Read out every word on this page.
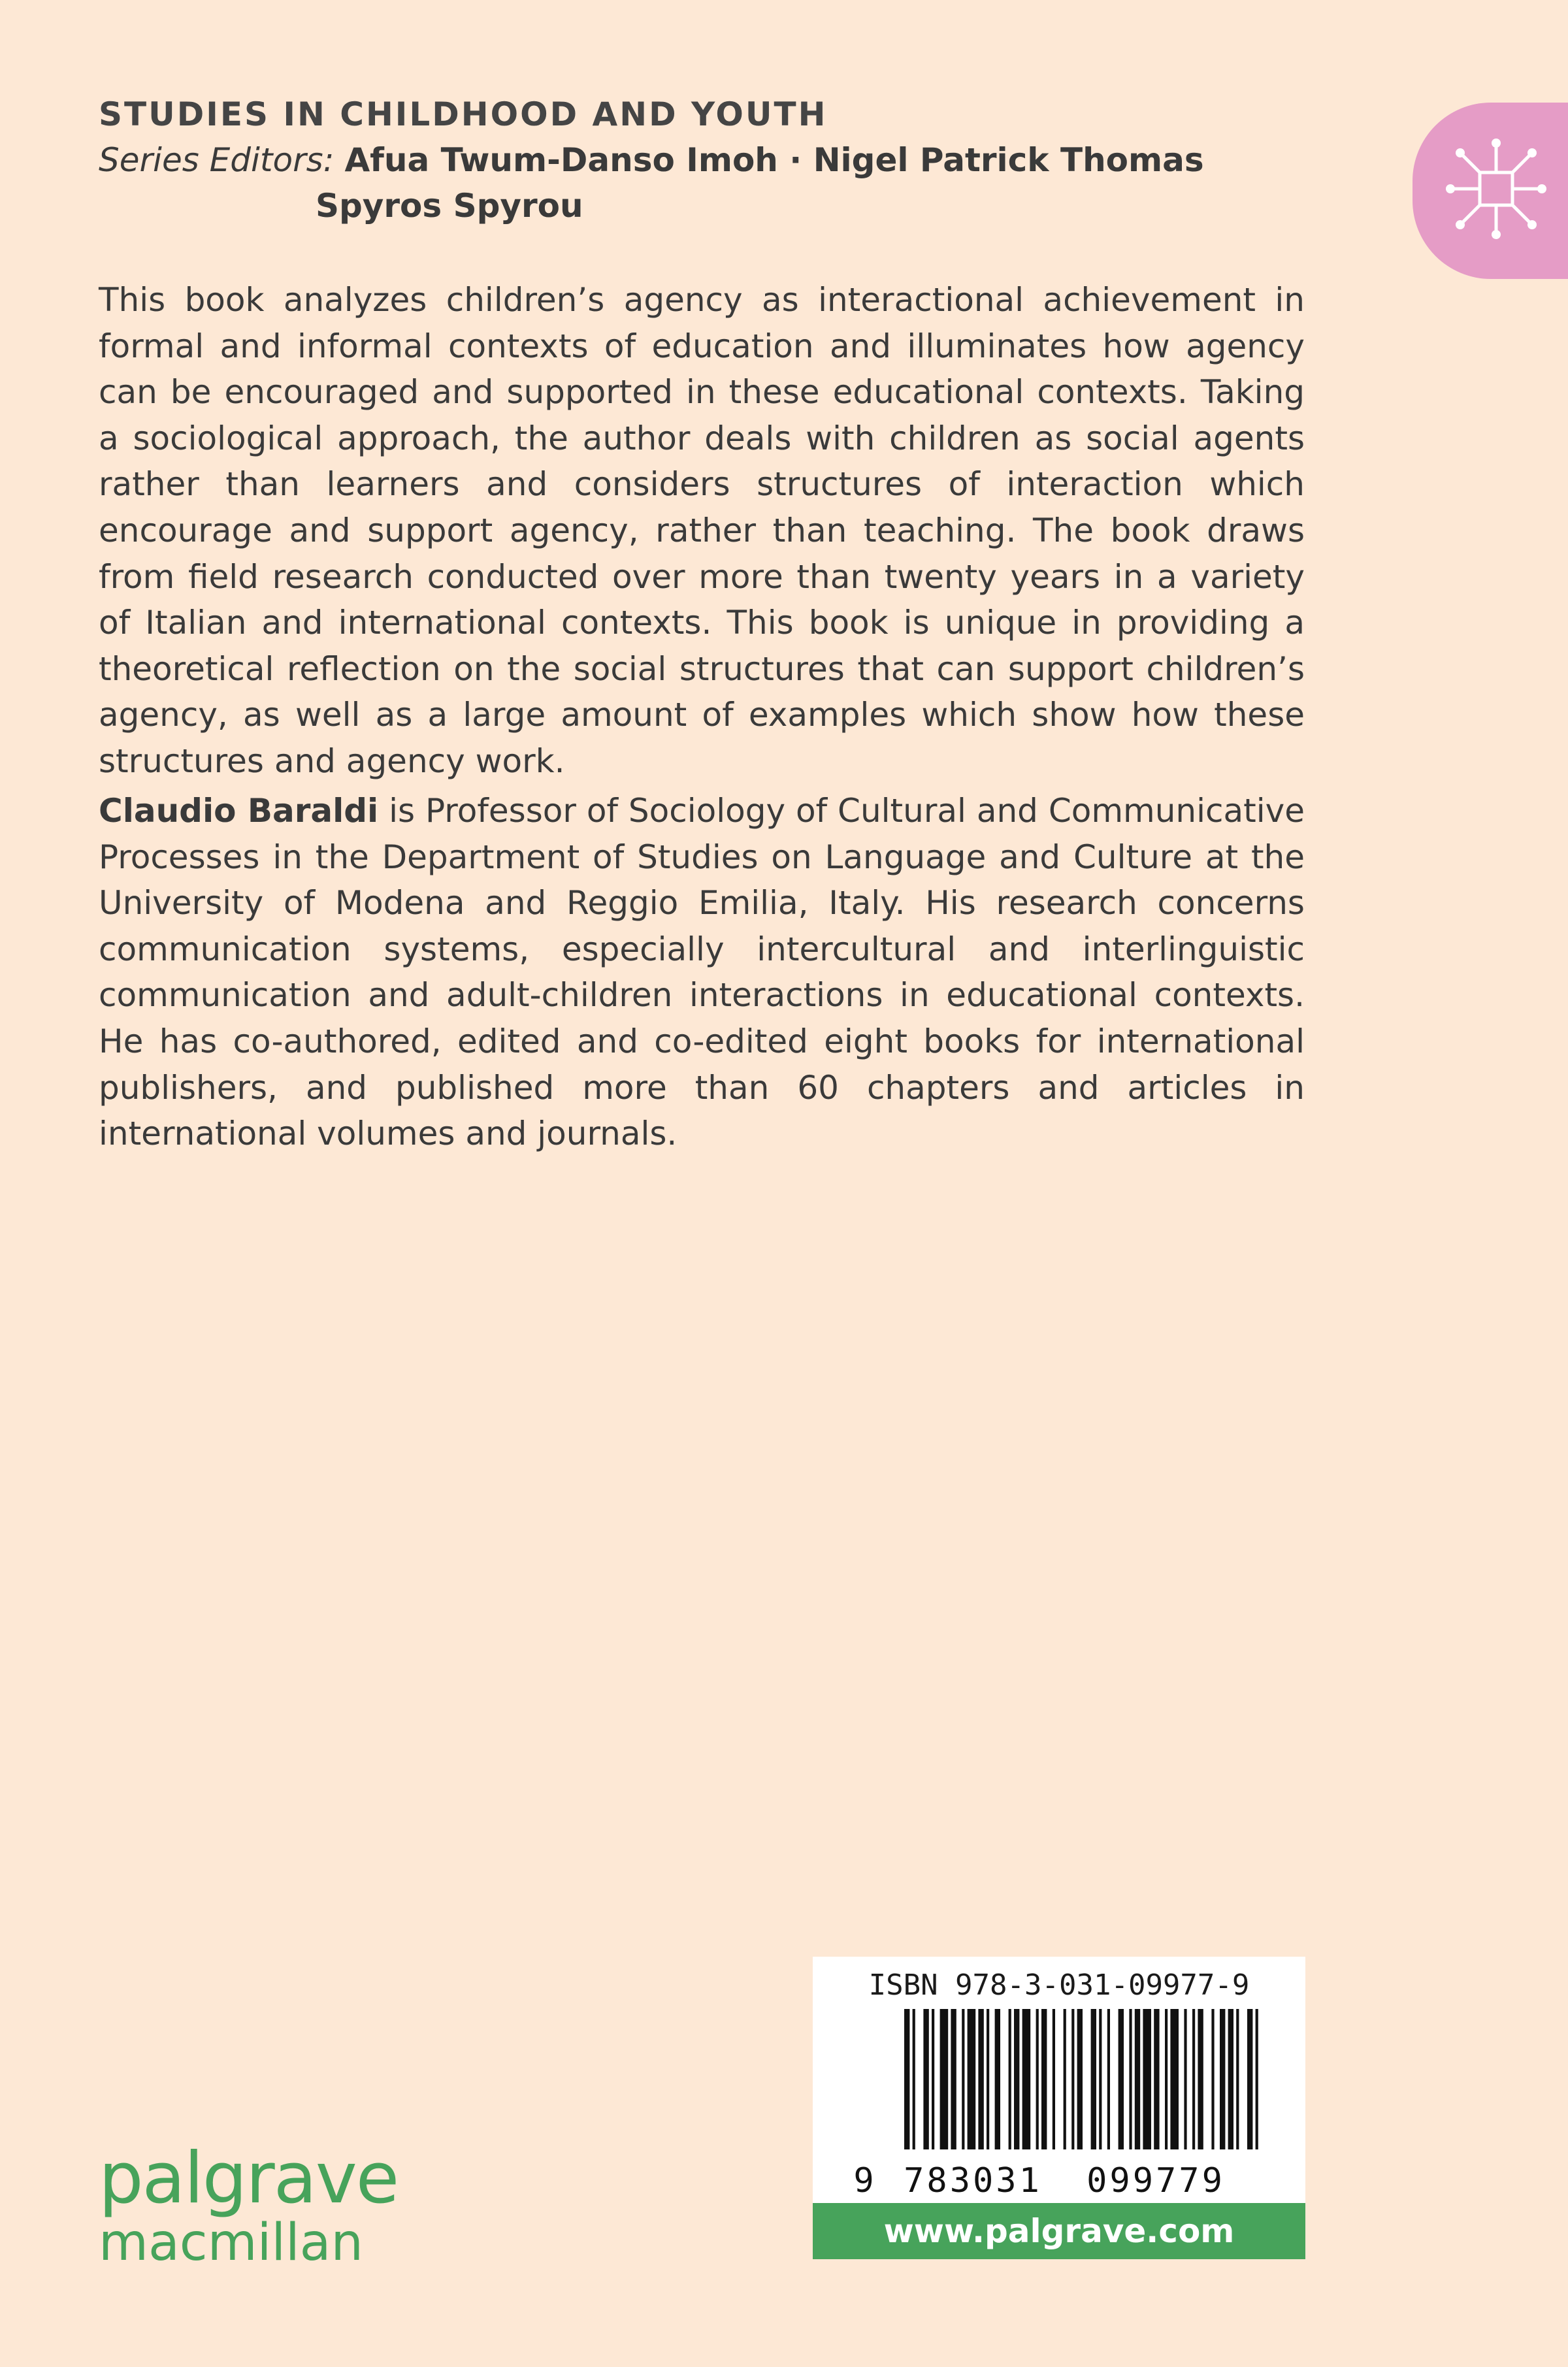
STUDIES IN CHILDHOOD AND YOUTH
Series Editors: Afua Twum-Danso Imoh · Nigel Patrick Thomas
Spyros Spyrou
This book analyzes children’s agency as interactional achievement in formal and informal contexts of education and illuminates how agency can be encouraged and supported in these educational contexts. Taking a sociological approach, the author deals with children as social agents rather than learners and considers structures of interaction which encourage and support agency, rather than teaching. The book draws from field research conducted over more than twenty years in a variety of Italian and international contexts. This book is unique in providing a theoretical reflection on the social structures that can support children’s agency, as well as a large amount of examples which show how these structures and agency work.
Claudio Baraldi is Professor of Sociology of Cultural and Communicative Processes in the Department of Studies on Language and Culture at the University of Modena and Reggio Emilia, Italy. His research concerns communication systems, especially intercultural and interlinguistic communication and adult-children interactions in educational contexts. He has co-authored, edited and co-edited eight books for international publishers, and published more than 60 chapters and articles in international volumes and journals.
palgrave
macmillan
ISBN 978-3-031-09977-9
9 783031 099779
www.palgrave.com
